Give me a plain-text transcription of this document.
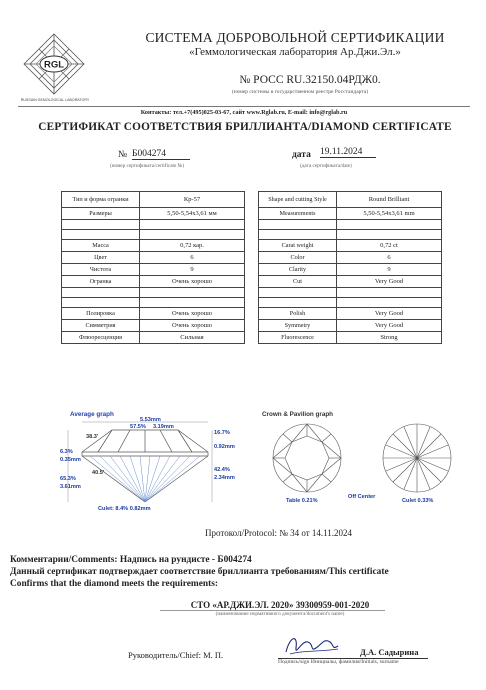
RGL
RUSSIAN GEMOLOGICAL LABORATORY
СИСТЕМА ДОБРОВОЛЬНОЙ СЕРТИФИКАЦИИ
«Геммологическая лаборатория Ар.Джи.Эл.»
№ РОСС RU.32150.04РДЖ0.
(номер системы в государственном реестре Росстандарта)
Контакты: тел.+7(495)025-03-67, сайт www.Rglab.ru, E-mail: info@rglab.ru
СЕРТИФИКАТ СООТВЕТСТВИЯ БРИЛЛИАНТА/DIAMOND CERTIFICATE
№ Б004274
(номер сертификата/certificate №)
дата 19.11.2024
(дата сертификата/date)
Тип и форма огранки	Кр-57
Размеры	5,50-5,54x3,61 мм

Масса	0,72 кар.
Цвет	6
Чистота	9
Огранка	Очень хорошо

Полировка	Очень хорошо
Симметрия	Очень хорошо
Флюоресценция	Сильная
Shape and cutting Style	Round Brilliant
Measurements	5,50-5,54x3,61 mm

Carat weight	0,72 ct
Color	6
Clarity	9
Cut	Very Good

Polish	Very Good
Symmetry	Very Good
Fluorescence	Strong
Average graph
5.53mm
57.5% 3.19mm
38.3'
16.7%
0.92mm
6.3%
0.35mm
40.5'	42.4%
2.34mm
65.3%
3.61mm
Culet: 8.4% 0.82mm
Crown & Pavilion graph
Table 0.21%
Off Center
Culet 0.33%
Протокол/Protocol: № 34 от 14.11.2024
Комментарии/Comments: Надпись на рундисте - Б004274
Данный сертификат подтверждает соответствие бриллианта требованиям/This certificate
Confirms that the diamond meets the requirements:
СТО «АР.ДЖИ.ЭЛ. 2020» 39300959-001-2020
(наименование нормативного документа/document's name)
Руководитель/Chief: М. П.	Д.А. Садырина
Подпись/sign Инициалы, фамилия/Initials, surname
